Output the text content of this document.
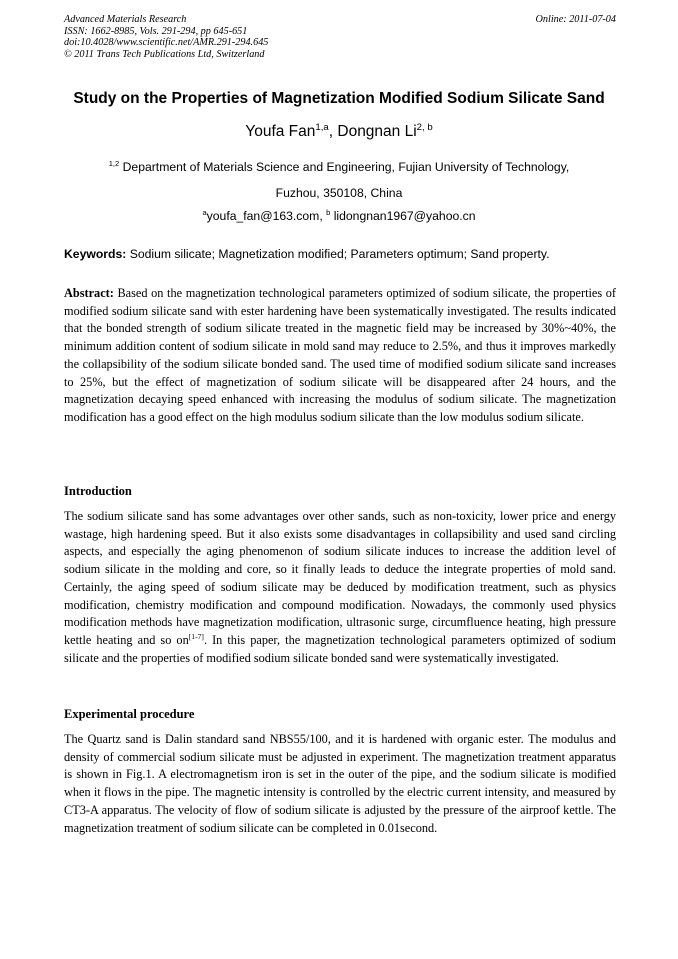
Advanced Materials Research
ISSN: 1662-8985, Vols. 291-294, pp 645-651
doi:10.4028/www.scientific.net/AMR.291-294.645
© 2011 Trans Tech Publications Ltd, Switzerland
Online: 2011-07-04
Study on the Properties of Magnetization Modified Sodium Silicate Sand
Youfa Fan$^{1,a}$, Dongnan Li$^{2, b}$
$^{1,2}$ Department of Materials Science and Engineering, Fujian University of Technology,
Fuzhou, 350108, China
$^a$youfa_fan@163.com, $^b$ lidongnan1967@yahoo.cn
Keywords: Sodium silicate; Magnetization modified; Parameters optimum; Sand property.
Abstract: Based on the magnetization technological parameters optimized of sodium silicate, the properties of modified sodium silicate sand with ester hardening have been systematically investigated. The results indicated that the bonded strength of sodium silicate treated in the magnetic field may be increased by 30%~40%, the minimum addition content of sodium silicate in mold sand may reduce to 2.5%, and thus it improves markedly the collapsibility of the sodium silicate bonded sand. The used time of modified sodium silicate sand increases to 25%, but the effect of magnetization of sodium silicate will be disappeared after 24 hours, and the magnetization decaying speed enhanced with increasing the modulus of sodium silicate. The magnetization modification has a good effect on the high modulus sodium silicate than the low modulus sodium silicate.
Introduction
The sodium silicate sand has some advantages over other sands, such as non-toxicity, lower price and energy wastage, high hardening speed. But it also exists some disadvantages in collapsibility and used sand circling aspects, and especially the aging phenomenon of sodium silicate induces to increase the addition level of sodium silicate in the molding and core, so it finally leads to deduce the integrate properties of mold sand. Certainly, the aging speed of sodium silicate may be deduced by modification treatment, such as physics modification, chemistry modification and compound modification. Nowadays, the commonly used physics modification methods have magnetization modification, ultrasonic surge, circumfluence heating, high pressure kettle heating and so on[1-7]. In this paper, the magnetization technological parameters optimized of sodium silicate and the properties of modified sodium silicate bonded sand were systematically investigated.
Experimental procedure
The Quartz sand is Dalin standard sand NBS55/100, and it is hardened with organic ester. The modulus and density of commercial sodium silicate must be adjusted in experiment. The magnetization treatment apparatus is shown in Fig.1. A electromagnetism iron is set in the outer of the pipe, and the sodium silicate is modified when it flows in the pipe. The magnetic intensity is controlled by the electric current intensity, and measured by CT3-A apparatus. The velocity of flow of sodium silicate is adjusted by the pressure of the airproof kettle. The magnetization treatment of sodium silicate can be completed in 0.01second.
